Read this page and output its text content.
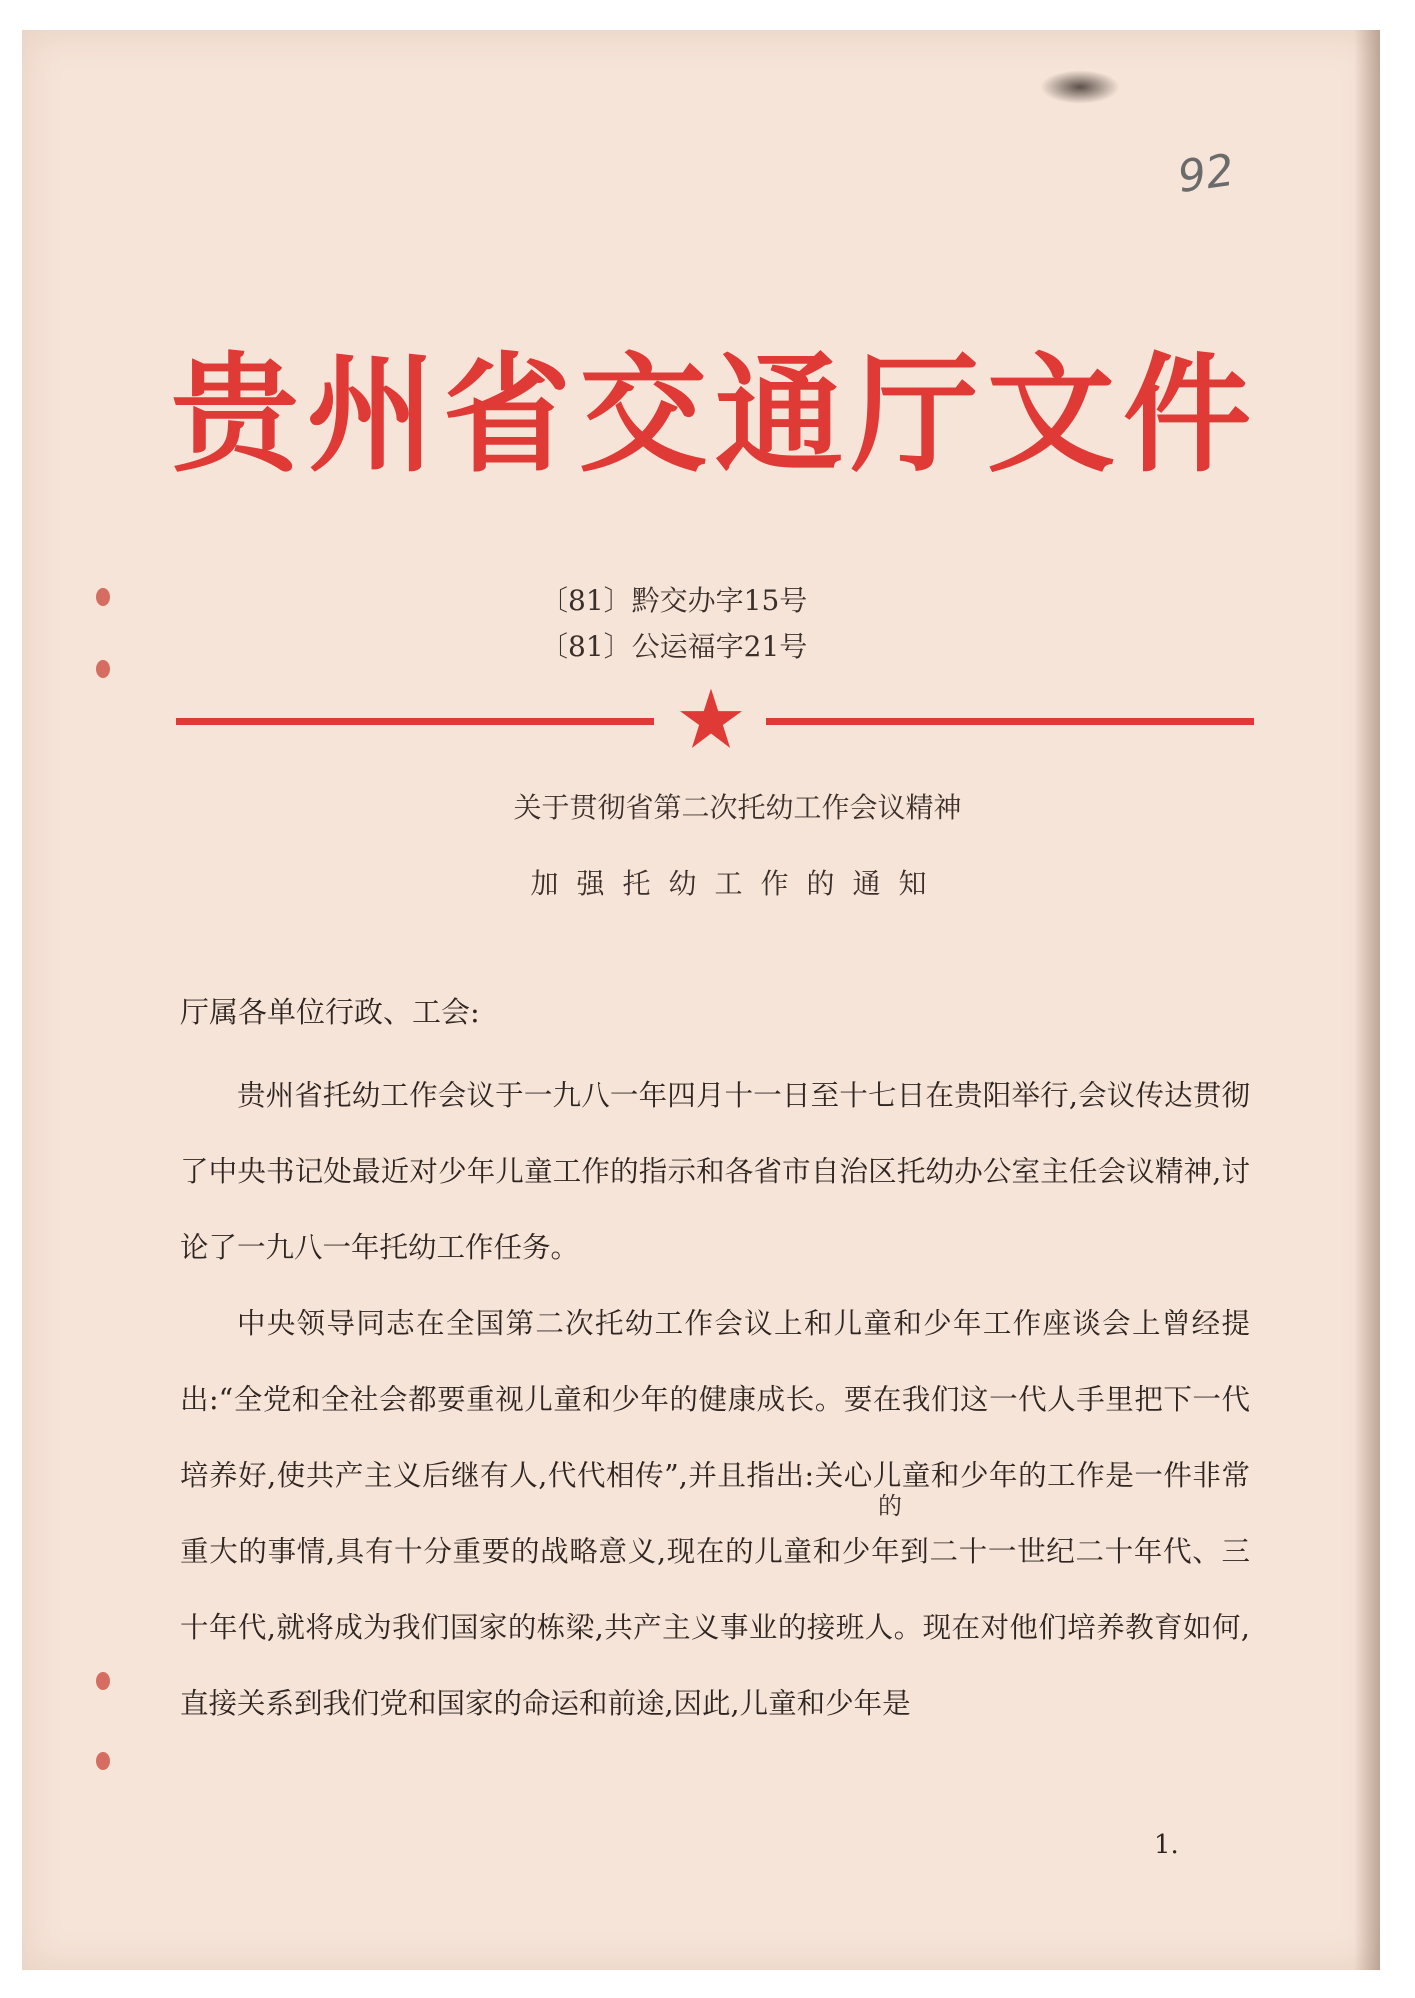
92
贵州省交通厅文件
〔81〕黔交办字15号
〔81〕公运福字21号
关于贯彻省第二次托幼工作会议精神
加强托幼工作的通知
厅属各单位行政、工会:

贵州省托幼工作会议于一九八一年四月十一日至十七日在贵阳举行,会议传达贯彻了中央书记处最近对少年儿童工作的指示和各省市自治区托幼办公室主任会议精神,讨论了一九八一年托幼工作任务。

中央领导同志在全国第二次托幼工作会议上和儿童和少年工作座谈会上曾经提出:“全党和全社会都要重视儿童和少年的健康成长。要在我们这一代人手里把下一代培养好,使共产主义后继有人,代代相传”,并且指出:关心儿童和少年的工作是一件非常重大的事情,具有十分重要的战略意义,现在的儿童和少年到二十一世纪二十年代、三十年代,就将成为我们国家的栋梁,共产主义事业的接班人。现在对他们培养教育如何,直接关系到我们党和国家的命运和前途,因此,儿童和少年是

的
1.
